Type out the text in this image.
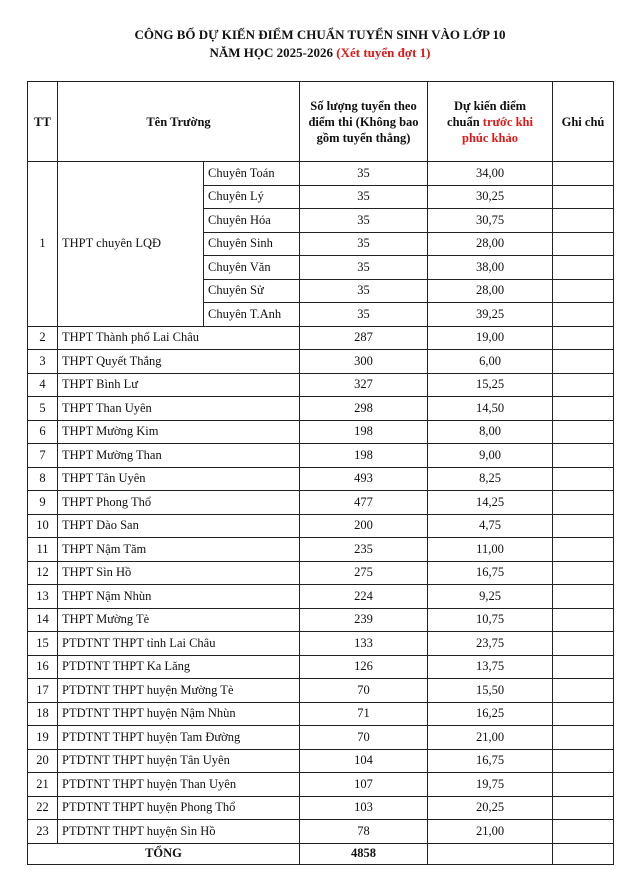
CÔNG BỐ DỰ KIẾN ĐIỂM CHUẨN TUYỂN SINH VÀO LỚP 10
NĂM HỌC 2025-2026 (Xét tuyển đợt 1)
TT	Tên Trường		Số lượng tuyển theo điểm thi (Không bao gồm tuyển thẳng)	Dự kiến điểm chuẩn trước khi phúc khảo	Ghi chú
1	THPT chuyên LQĐ	Chuyên Toán	35	34,00	
		Chuyên Lý	35	30,25	
		Chuyên Hóa	35	30,75	
		Chuyên Sinh	35	28,00	
		Chuyên Văn	35	38,00	
		Chuyên Sử	35	28,00	
		Chuyên T.Anh	35	39,25	
2	THPT Thành phố Lai Châu		287	19,00	
3	THPT Quyết Thắng		300	6,00	
4	THPT Bình Lư		327	15,25	
5	THPT Than Uyên		298	14,50	
6	THPT Mường Kim		198	8,00	
7	THPT Mường Than		198	9,00	
8	THPT Tân Uyên		493	8,25	
9	THPT Phong Thổ		477	14,25	
10	THPT Dào San		200	4,75	
11	THPT Nậm Tăm		235	11,00	
12	THPT Sìn Hồ		275	16,75	
13	THPT Nậm Nhùn		224	9,25	
14	THPT Mường Tè		239	10,75	
15	PTDTNT THPT tỉnh Lai Châu		133	23,75	
16	PTDTNT THPT Ka Lăng		126	13,75	
17	PTDTNT THPT huyện Mường Tè		70	15,50	
18	PTDTNT THPT huyện Nậm Nhùn		71	16,25	
19	PTDTNT THPT huyện Tam Đường		70	21,00	
20	PTDTNT THPT huyện Tân Uyên		104	16,75	
21	PTDTNT THPT huyện Than Uyên		107	19,75	
22	PTDTNT THPT huyện Phong Thổ		103	20,25	
23	PTDTNT THPT huyện Sìn Hồ		78	21,00	
TỔNG			4858		
